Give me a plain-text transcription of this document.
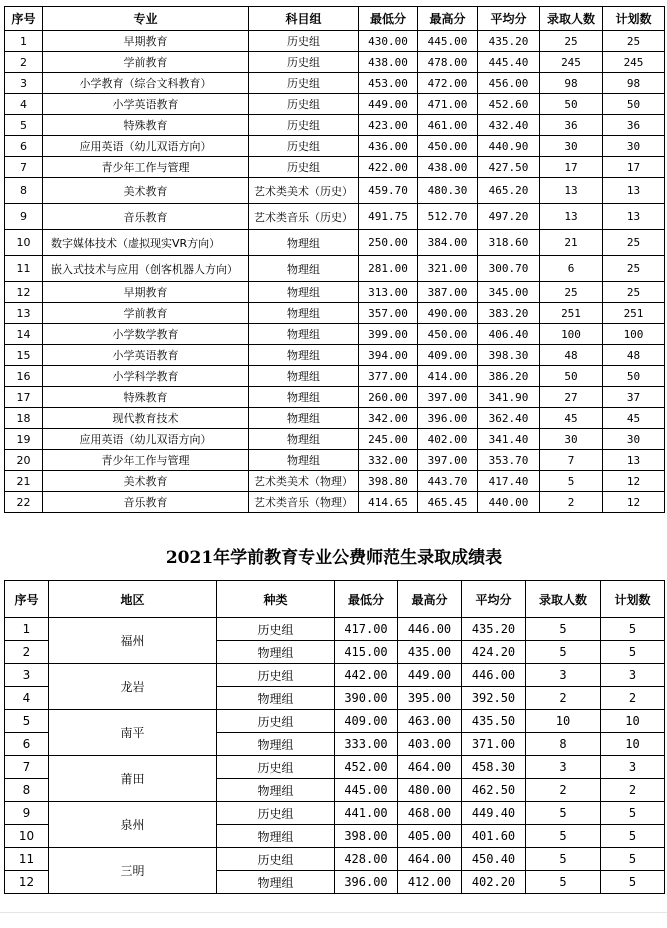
序号	专业	科目组	最低分	最高分	平均分	录取人数	计划数
1	早期教育	历史组	430.00	445.00	435.20	25	25
2	学前教育	历史组	438.00	478.00	445.40	245	245
3	小学教育（综合文科教育）	历史组	453.00	472.00	456.00	98	98
4	小学英语教育	历史组	449.00	471.00	452.60	50	50
5	特殊教育	历史组	423.00	461.00	432.40	36	36
6	应用英语（幼儿双语方向）	历史组	436.00	450.00	440.90	30	30
7	青少年工作与管理	历史组	422.00	438.00	427.50	17	17
8	美术教育	艺术类美术（历史）	459.70	480.30	465.20	13	13
9	音乐教育	艺术类音乐（历史）	491.75	512.70	497.20	13	13
10	数字媒体技术（虚拟现实VR方向）	物理组	250.00	384.00	318.60	21	25
11	嵌入式技术与应用（创客机器人方向）	物理组	281.00	321.00	300.70	6	25
12	早期教育	物理组	313.00	387.00	345.00	25	25
13	学前教育	物理组	357.00	490.00	383.20	251	251
14	小学数学教育	物理组	399.00	450.00	406.40	100	100
15	小学英语教育	物理组	394.00	409.00	398.30	48	48
16	小学科学教育	物理组	377.00	414.00	386.20	50	50
17	特殊教育	物理组	260.00	397.00	341.90	27	37
18	现代教育技术	物理组	342.00	396.00	362.40	45	45
19	应用英语（幼儿双语方向）	物理组	245.00	402.00	341.40	30	30
20	青少年工作与管理	物理组	332.00	397.00	353.70	7	13
21	美术教育	艺术类美术（物理）	398.80	443.70	417.40	5	12
22	音乐教育	艺术类音乐（物理）	414.65	465.45	440.00	2	12
2021年学前教育专业公费师范生录取成绩表
序号	地区	种类	最低分	最高分	平均分	录取人数	计划数
1	福州	历史组	417.00	446.00	435.20	5	5
2		物理组	415.00	435.00	424.20	5	5
3	龙岩	历史组	442.00	449.00	446.00	3	3
4		物理组	390.00	395.00	392.50	2	2
5	南平	历史组	409.00	463.00	435.50	10	10
6		物理组	333.00	403.00	371.00	8	10
7	莆田	历史组	452.00	464.00	458.30	3	3
8		物理组	445.00	480.00	462.50	2	2
9	泉州	历史组	441.00	468.00	449.40	5	5
10		物理组	398.00	405.00	401.60	5	5
11	三明	历史组	428.00	464.00	450.40	5	5
12		物理组	396.00	412.00	402.20	5	5
